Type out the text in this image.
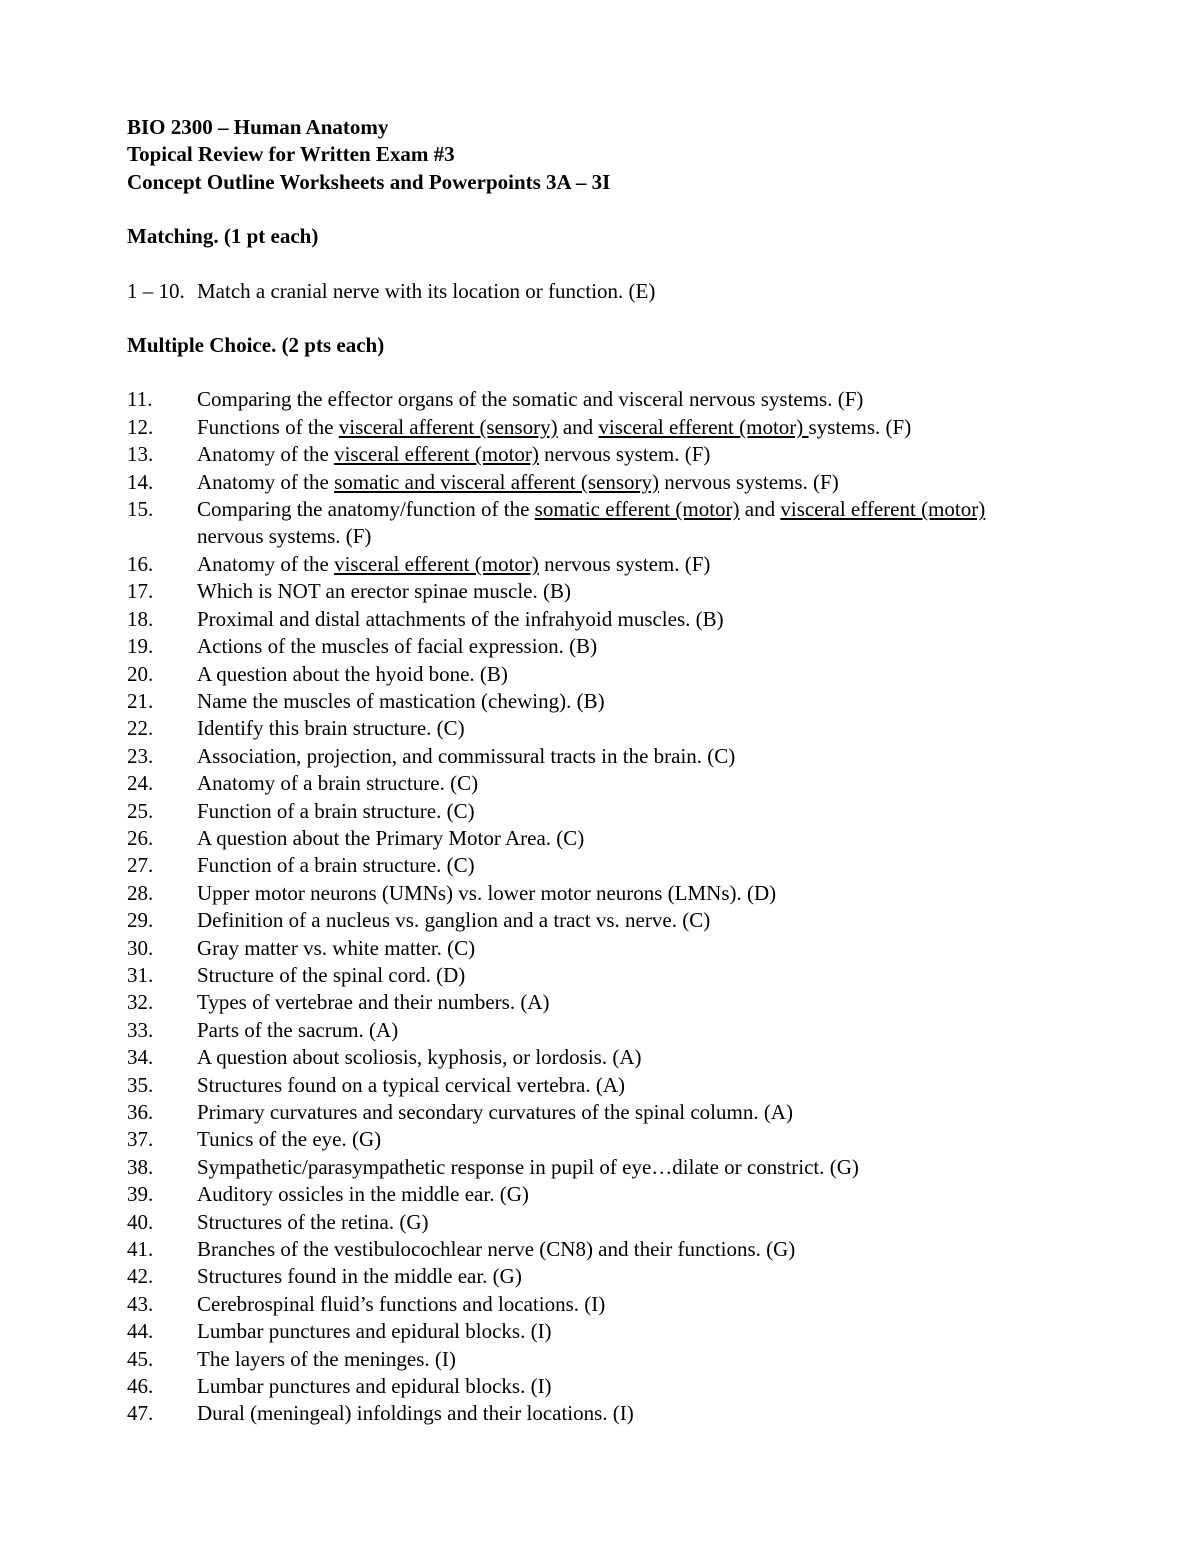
BIO 2300 – Human Anatomy
Topical Review for Written Exam #3
Concept Outline Worksheets and Powerpoints 3A – 3I
Matching. (1 pt each)
1 – 10. Match a cranial nerve with its location or function. (E)
Multiple Choice. (2 pts each)
11.	Comparing the effector organs of the somatic and visceral nervous systems. (F)
12.	Functions of the visceral afferent (sensory) and visceral efferent (motor) systems. (F)
13.	Anatomy of the visceral efferent (motor) nervous system. (F)
14.	Anatomy of the somatic and visceral afferent (sensory) nervous systems. (F)
15.	Comparing the anatomy/function of the somatic efferent (motor) and visceral efferent (motor) nervous systems. (F)
16.	Anatomy of the visceral efferent (motor) nervous system. (F)
17.	Which is NOT an erector spinae muscle. (B)
18.	Proximal and distal attachments of the infrahyoid muscles. (B)
19.	Actions of the muscles of facial expression. (B)
20.	A question about the hyoid bone. (B)
21.	Name the muscles of mastication (chewing). (B)
22.	Identify this brain structure. (C)
23.	Association, projection, and commissural tracts in the brain. (C)
24.	Anatomy of a brain structure. (C)
25.	Function of a brain structure. (C)
26.	A question about the Primary Motor Area. (C)
27.	Function of a brain structure. (C)
28.	Upper motor neurons (UMNs) vs. lower motor neurons (LMNs). (D)
29.	Definition of a nucleus vs. ganglion and a tract vs. nerve. (C)
30.	Gray matter vs. white matter. (C)
31.	Structure of the spinal cord. (D)
32.	Types of vertebrae and their numbers. (A)
33.	Parts of the sacrum. (A)
34.	A question about scoliosis, kyphosis, or lordosis. (A)
35.	Structures found on a typical cervical vertebra. (A)
36.	Primary curvatures and secondary curvatures of the spinal column. (A)
37.	Tunics of the eye. (G)
38.	Sympathetic/parasympathetic response in pupil of eye…dilate or constrict. (G)
39.	Auditory ossicles in the middle ear. (G)
40.	Structures of the retina. (G)
41.	Branches of the vestibulocochlear nerve (CN8) and their functions. (G)
42.	Structures found in the middle ear. (G)
43.	Cerebrospinal fluid’s functions and locations. (I)
44.	Lumbar punctures and epidural blocks. (I)
45.	The layers of the meninges. (I)
46.	Lumbar punctures and epidural blocks. (I)
47.	Dural (meningeal) infoldings and their locations. (I)
